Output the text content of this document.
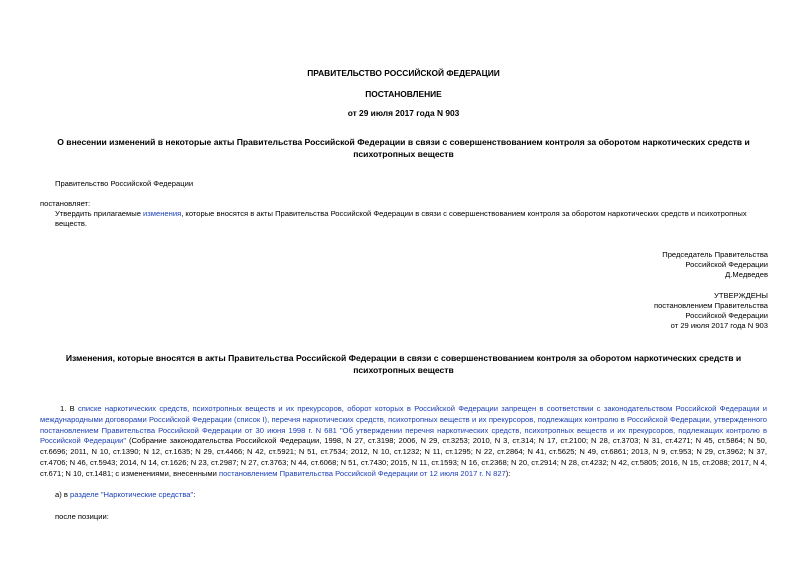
ПРАВИТЕЛЬСТВО РОССИЙСКОЙ ФЕДЕРАЦИИ
ПОСТАНОВЛЕНИЕ
от 29 июля 2017 года N 903
О внесении изменений в некоторые акты Правительства Российской Федерации в связи с совершенствованием контроля за оборотом наркотических средств и психотропных веществ
Правительство Российской Федерации
постановляет:
Утвердить прилагаемые изменения, которые вносятся в акты Правительства Российской Федерации в связи с совершенствованием контроля за оборотом наркотических средств и психотропных веществ.
Председатель Правительства
Российской Федерации
Д.Медведев
УТВЕРЖДЕНЫ
постановлением Правительства
Российской Федерации
от 29 июля 2017 года N 903
Изменения, которые вносятся в акты Правительства Российской Федерации в связи с совершенствованием контроля за оборотом наркотических средств и психотропных веществ
1. В списке наркотических средств, психотропных веществ и их прекурсоров, оборот которых в Российской Федерации запрещен в соответствии с законодательством Российской Федерации и международными договорами Российской Федерации (список I), перечня наркотических средств, психотропных веществ и их прекурсоров, подлежащих контролю в Российской Федерации, утвержденного постановлением Правительства Российской Федерации от 30 июня 1998 г. N 681 "Об утверждении перечня наркотических средств, психотропных веществ и их прекурсоров, подлежащих контролю в Российской Федерации" (Собрание законодательства Российской Федерации, 1998, N 27, ст.3198; 2006, N 29, ст.3253; 2010, N 3, ст.314; N 17, ст.2100; N 28, ст.3703; N 31, ст.4271; N 45, ст.5864; N 50, ст.6696; 2011, N 10, ст.1390; N 12, ст.1635; N 29, ст.4466; N 42, ст.5921; N 51, ст.7534; 2012, N 10, ст.1232; N 11, ст.1295; N 22, ст.2864; N 41, ст.5625; N 49, ст.6861; 2013, N 9, ст.953; N 29, ст.3962; N 37, ст.4706; N 46, ст.5943; 2014, N 14, ст.1626; N 23, ст.2987; N 27, ст.3763; N 44, ст.6068; N 51, ст.7430; 2015, N 11, ст.1593; N 16, ст.2368; N 20, ст.2914; N 28, ст.4232; N 42, ст.5805; 2016, N 15, ст.2088; 2017, N 4, ст.671; N 10, ст.1481; с изменениями, внесенными постановлением Правительства Российской Федерации от 12 июля 2017 г. N 827):
а) в разделе "Наркотические средства":
после позиции:
